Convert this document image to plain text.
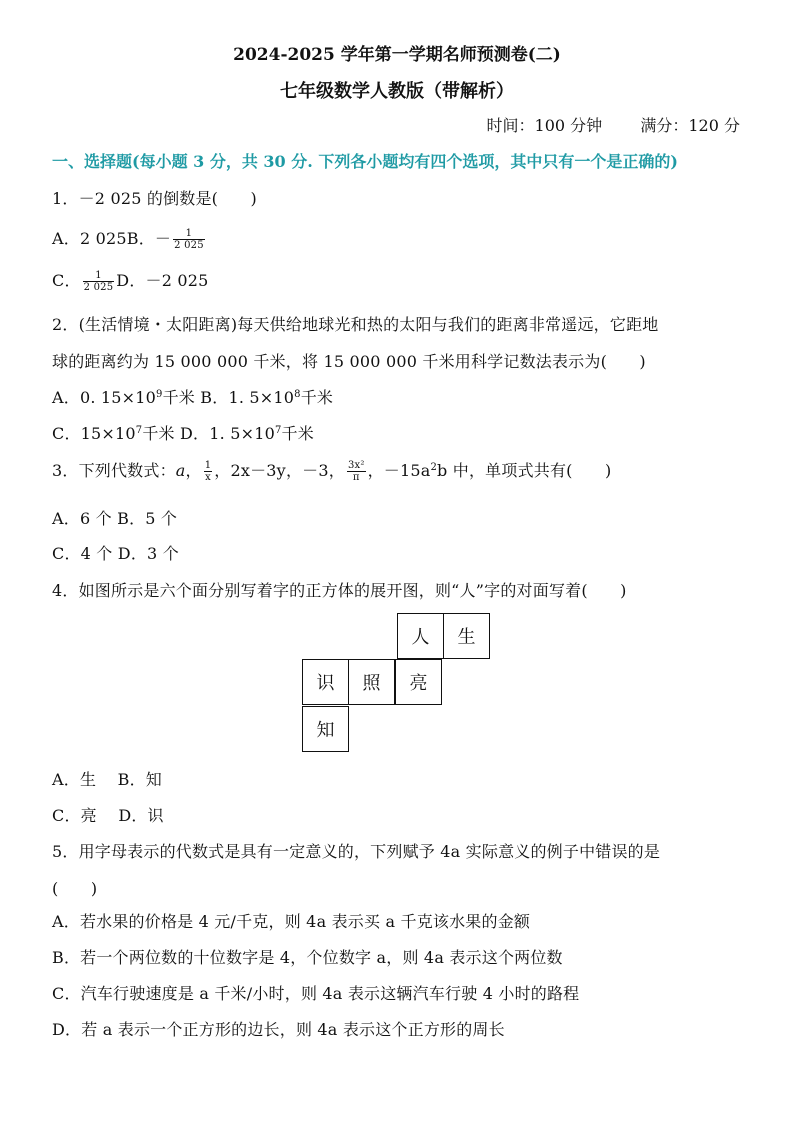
2024-2025 学年第一学期名师预测卷(二)
七年级数学人教版（带解析）
时间：100 分钟 满分：120 分
一、选择题(每小题 3 分，共 30 分. 下列各小题均有四个选项，其中只有一个是正确的)
1．－2 025 的倒数是(　　)
A．2 025B．－ $\frac{1}{2 025}$
C． $\frac{1}{2 025}$ D．－2 025
2．(生活情境・太阳距离)每天供给地球光和热的太阳与我们的距离非常遥远，它距地
球的距离约为 15 000 000 千米，将 15 000 000 千米用科学记数法表示为(　　)
A．0. $15\times 10^9$千米 B．1. $5\times 10^8$千米
C．$15\times 10^7$千米 D．1. $5\times 10^7$千米
3．下列代数式：a， $\frac{1}{x}$ ，2x－3y，－3， $\frac{\text{3x²}}{\pi}$ ，$-15a^2b$ 中，单项式共有(　　)
A．6 个 B．5 个
C．4 个 D．3 个
4．如图所示是六个面分别写着字的正方体的展开图，则“人”字的对面写着(　　)
人	生
识	照	亮
知
A．生　 B．知
C．亮　 D．识
5．用字母表示的代数式是具有一定意义的，下列赋予 4a 实际意义的例子中错误的是
(　　)
A．若水果的价格是 4 元/千克，则 4a 表示买 a 千克该水果的金额
B．若一个两位数的十位数字是 4，个位数字 a，则 4a 表示这个两位数
C．汽车行驶速度是 a 千米/小时，则 4a 表示这辆汽车行驶 4 小时的路程
D．若 a 表示一个正方形的边长，则 4a 表示这个正方形的周长
